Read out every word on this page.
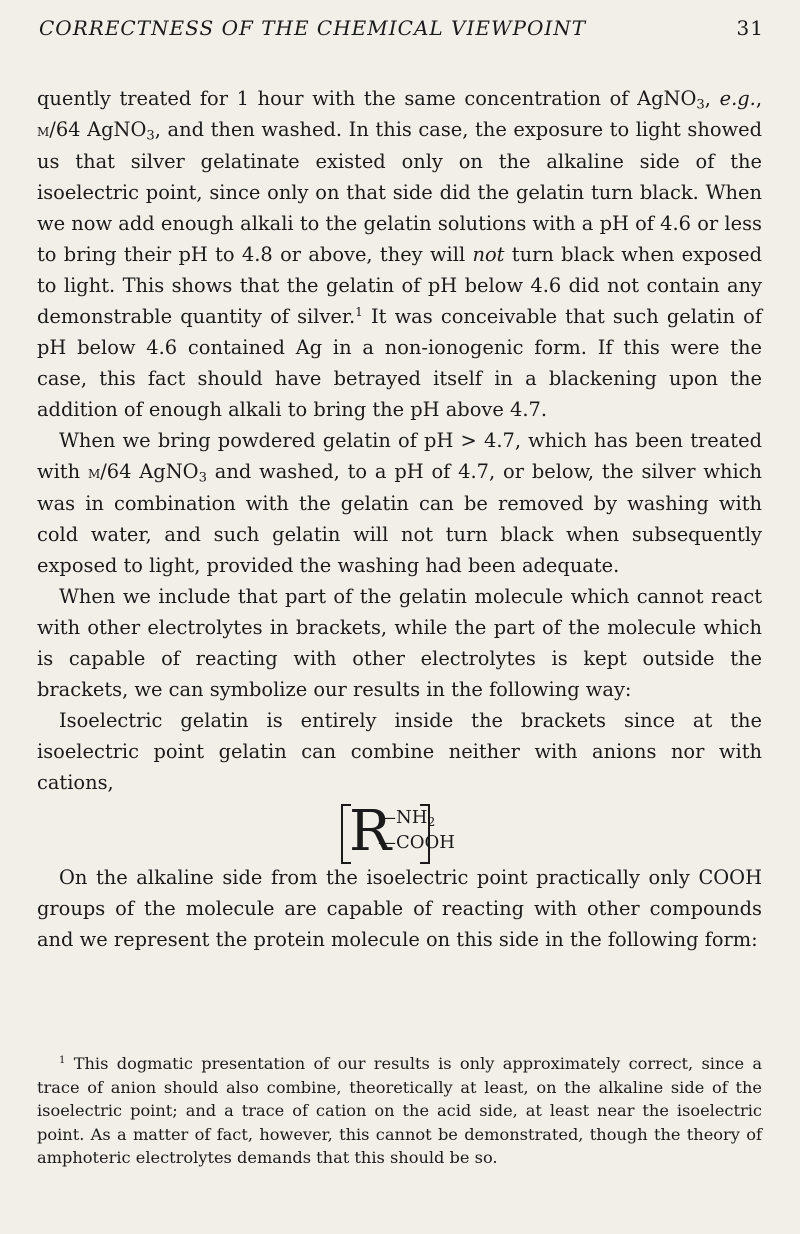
CORRECTNESS OF THE CHEMICAL VIEWPOINT	31

quently treated for 1 hour with the same concentration of AgNO$_3$, e.g., m/64 AgNO$_3$, and then washed. In this case, the exposure to light showed us that silver gelatinate existed only on the alkaline side of the isoelectric point, since only on that side did the gelatin turn black. When we now add enough alkali to the gelatin solutions with a pH of 4.6 or less to bring their pH to 4.8 or above, they will not turn black when exposed to light. This shows that the gelatin of pH below 4.6 did not contain any demonstrable quantity of silver.$^1$ It was conceivable that such gelatin of pH below 4.6 contained Ag in a non-ionogenic form. If this were the case, this fact should have betrayed itself in a blackening upon the addition of enough alkali to bring the pH above 4.7.

When we bring powdered gelatin of pH > 4.7, which has been treated with m/64 AgNO$_3$ and washed, to a pH of 4.7, or below, the silver which was in combination with the gelatin can be removed by washing with cold water, and such gelatin will not turn black when subsequently exposed to light, provided the washing had been adequate.

When we include that part of the gelatin molecule which cannot react with other electrolytes in brackets, while the part of the molecule which is capable of reacting with other electrolytes is kept outside the brackets, we can symbolize our results in the following way:

Isoelectric gelatin is entirely inside the brackets since at the isoelectric point gelatin can combine neither with anions nor with cations,

R
$—NH_2$
—COOH

On the alkaline side from the isoelectric point practically only COOH groups of the molecule are capable of reacting with other compounds and we represent the protein molecule on this side in the following form:

$^1$ This dogmatic presentation of our results is only approximately correct, since a trace of anion should also combine, theoretically at least, on the alkaline side of the isoelectric point; and a trace of cation on the acid side, at least near the isoelectric point. As a matter of fact, however, this cannot be demonstrated, though the theory of amphoteric electrolytes demands that this should be so.
